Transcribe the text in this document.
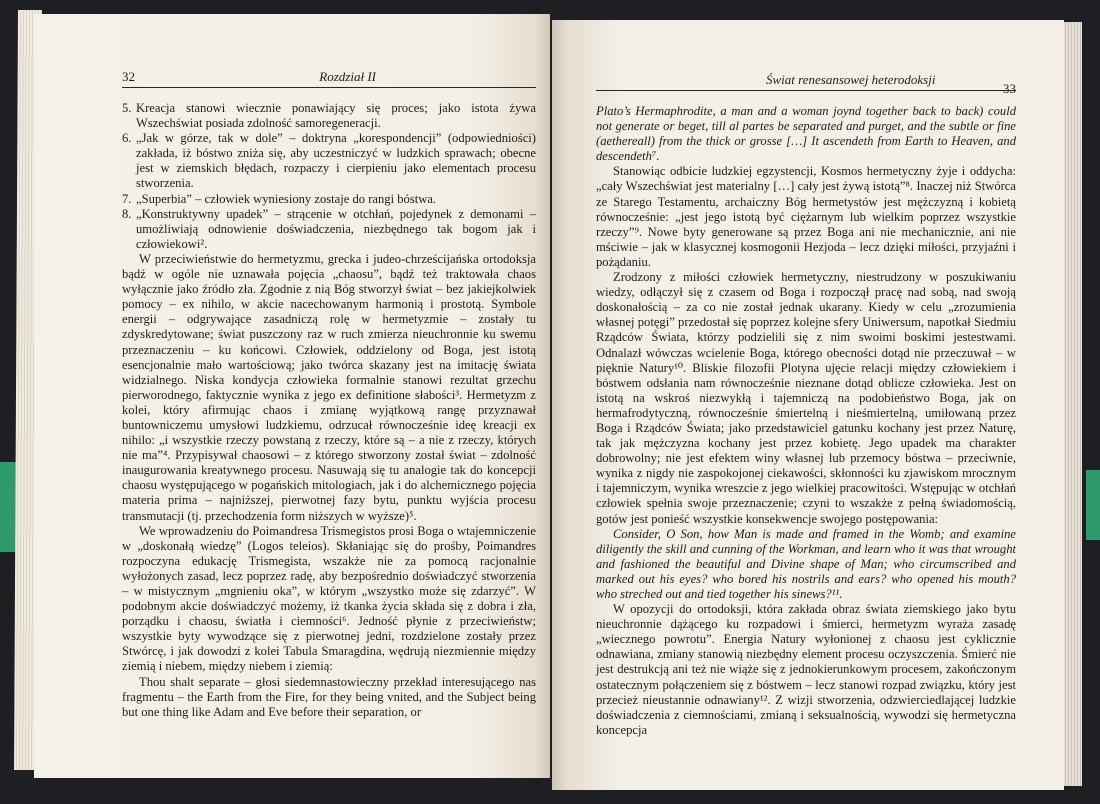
32	Rozdział II
5. Kreacja stanowi wiecznie ponawiający się proces; jako istota żywa Wszechświat posiada zdolność samoregeneracji.
6. „Jak w górze, tak w dole” – doktryna „korespondencji” (odpowiedniości) zakłada, iż bóstwo zniża się, aby uczestniczyć w ludzkich sprawach; obecne jest w ziemskich błędach, rozpaczy i cierpieniu jako elementach procesu stworzenia.
7. „Superbia” – człowiek wyniesiony zostaje do rangi bóstwa.
8. „Konstruktywny upadek” – strącenie w otchłań, pojedynek z demonami – umożliwiają odnowienie doświadczenia, niezbędnego tak bogom jak i człowiekowi².

W przeciwieństwie do hermetyzmu, grecka i judeo-chrześcijańska ortodoksja bądź w ogóle nie uznawała pojęcia „chaosu”, bądź też traktowała chaos wyłącznie jako źródło zła. Zgodnie z nią Bóg stworzył świat – bez jakiejkolwiek pomocy – ex nihilo, w akcie nacechowanym harmonią i prostotą. Symbole energii – odgrywające zasadniczą rolę w hermetyzmie – zostały tu zdyskredytowane; świat puszczony raz w ruch zmierza nieuchronnie ku swemu przeznaczeniu – ku końcowi. Człowiek, oddzielony od Boga, jest istotą esencjonalnie mało wartościową; jako twórca skazany jest na imitację świata widzialnego. Niska kondycja człowieka formalnie stanowi rezultat grzechu pierworodnego, faktycznie wynika z jego ex definitione słabości³. Hermetyzm z kolei, który afirmując chaos i zmianę wyjątkową rangę przyznawał buntowniczemu umysłowi ludzkiemu, odrzucał równocześnie ideę kreacji ex nihilo: „i wszystkie rzeczy powstaną z rzeczy, które są – a nie z rzeczy, których nie ma”⁴. Przypisywał chaosowi – z którego stworzony został świat – zdolność inaugurowania kreatywnego procesu. Nasuwają się tu analogie tak do koncepcji chaosu występującego w pogańskich mitologiach, jak i do alchemicznego pojęcia materia prima – najniższej, pierwotnej fazy bytu, punktu wyjścia procesu transmutacji (tj. przechodzenia form niższych w wyższe)⁵.

We wprowadzeniu do Poimandresa Trismegistos prosi Boga o wtajemniczenie w „doskonałą wiedzę” (Logos teleios). Skłaniając się do prośby, Poimandres rozpoczyna edukację Trismegista, wszakże nie za pomocą racjonalnie wyłożonych zasad, lecz poprzez radę, aby bezpośrednio doświadczyć stworzenia – w mistycznym „mgnieniu oka”, w którym „wszystko może się zdarzyć”. W podobnym akcie doświadczyć możemy, iż tkanka życia składa się z dobra i zła, porządku i chaosu, światła i ciemności⁶. Jedność płynie z przeciwieństw; wszystkie byty wywodzące się z pierwotnej jedni, rozdzielone zostały przez Stwórcę, i jak dowodzi z kolei Tabula Smaragdina, wędrują niezmiennie między ziemią i niebem, między niebem i ziemią:

Thou shalt separate – głosi siedemnastowieczny przekład interesującego nas fragmentu – the Earth from the Fire, for they being vnited, and the Subject being but one thing like Adam and Eve before their separation, or

Świat renesansowej heterodoksji
33

Plato’s Hermaphrodite, a man and a woman joynd together back to back) could not generate or beget, till al partes be separated and purget, and the subtle or fine (aethereall) from the thick or grosse […] It ascendeth from Earth to Heaven, and descendeth⁷.

Stanowiąc odbicie ludzkiej egzystencji, Kosmos hermetyczny żyje i oddycha: „cały Wszechświat jest materialny […] cały jest żywą istotą”⁸. Inaczej niż Stwórca ze Starego Testamentu, archaiczny Bóg hermetystów jest mężczyzną i kobietą równocześnie: „jest jego istotą być ciężarnym lub wielkim poprzez wszystkie rzeczy”⁹. Nowe byty generowane są przez Boga ani nie mechanicznie, ani nie mściwie – jak w klasycznej kosmogonii Hezjoda – lecz dzięki miłości, przyjaźni i pożądaniu.

Zrodzony z miłości człowiek hermetyczny, niestrudzony w poszukiwaniu wiedzy, odłączył się z czasem od Boga i rozpoczął pracę nad sobą, nad swoją doskonałością – za co nie został jednak ukarany. Kiedy w celu „zrozumienia własnej potęgi” przedostał się poprzez kolejne sfery Uniwersum, napotkał Siedmiu Rządców Świata, którzy podzielili się z nim swoimi boskimi jestestwami. Odnalazł wówczas wcielenie Boga, którego obecności dotąd nie przeczuwał – w pięknie Natury¹⁰. Bliskie filozofii Plotyna ujęcie relacji między człowiekiem i bóstwem odsłania nam równocześnie nieznane dotąd oblicze człowieka. Jest on istotą na wskroś niezwykłą i tajemniczą na podobieństwo Boga, jak on hermafrodytyczną, równocześnie śmiertelną i nieśmiertelną, umiłowaną przez Boga i Rządców Świata; jako przedstawiciel gatunku kochany jest przez Naturę, tak jak mężczyzna kochany jest przez kobietę. Jego upadek ma charakter dobrowolny; nie jest efektem winy własnej lub przemocy bóstwa – przeciwnie, wynika z nigdy nie zaspokojonej ciekawości, skłonności ku zjawiskom mrocznym i tajemniczym, wynika wreszcie z jego wielkiej pracowitości. Wstępując w otchłań człowiek spełnia swoje przeznaczenie; czyni to wszakże z pełną świadomością, gotów jest ponieść wszystkie konsekwencje swojego postępowania:

Consider, O Son, how Man is made and framed in the Womb; and examine diligently the skill and cunning of the Workman, and learn who it was that wrought and fashioned the beautiful and Divine shape of Man; who circumscribed and marked out his eyes? who bored his nostrils and ears? who opened his mouth? who streched out and tied together his sinews?¹¹.

W opozycji do ortodoksji, która zakłada obraz świata ziemskiego jako bytu nieuchronnie dążącego ku rozpadowi i śmierci, hermetyzm wyraża zasadę „wiecznego powrotu”. Energia Natury wyłonionej z chaosu jest cyklicznie odnawiana, zmiany stanowią niezbędny element procesu oczyszczenia. Śmierć nie jest destrukcją ani też nie wiąże się z jednokierunkowym procesem, zakończonym ostatecznym połączeniem się z bóstwem – lecz stanowi rozpad związku, który jest przecież nieustannie odnawiany¹². Z wizji stworzenia, odzwierciedlającej ludzkie doświadczenia z ciemnościami, zmianą i seksualnością, wywodzi się hermetyczna koncepcja
